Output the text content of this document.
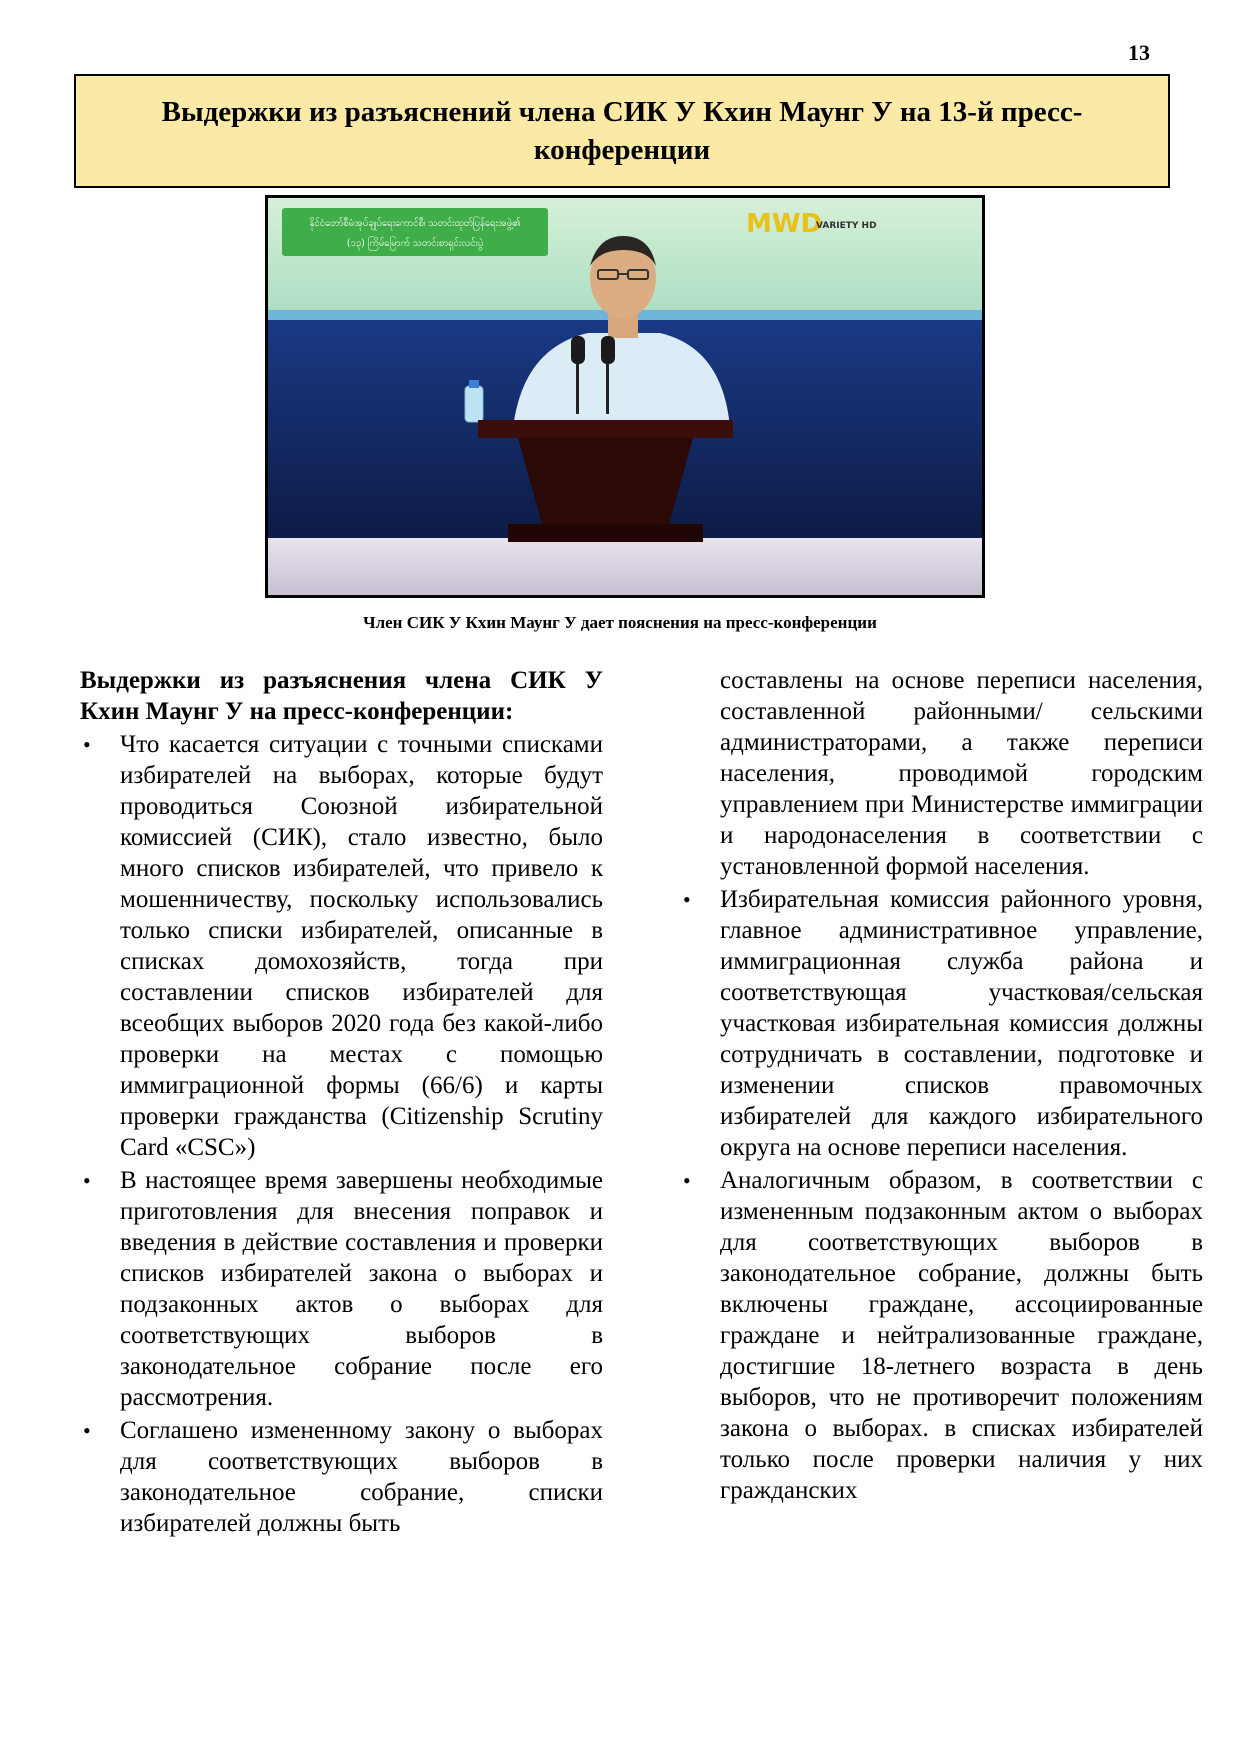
13
Выдержки из разъяснений члена СИК У Кхин Маунг У на 13-й пресс-конференции
နိုင်ငံတော်စီမံအုပ်ချုပ်ရေးကောင်စီ၊ သတင်းထုတ်ပြန်ရေးအဖွဲ့၏
(၁၃) ကြိမ်မြောက် သတင်းစာရှင်းလင်းပွဲ
MWD
VARIETY HD
Член СИК У Кхин Маунг У дает пояснения на пресс-конференции

Выдержки из разъяснения члена СИК У Кхин Маунг У на пресс-конференции:

• Что касается ситуации с точными списками избирателей на выборах, которые будут проводиться Союзной избирательной комиссией (СИК), стало известно, было много списков избирателей, что привело к мошенничеству, поскольку использовались только списки избирателей, описанные в списках домохозяйств, тогда при составлении списков избирателей для всеобщих выборов 2020 года без какой-либо проверки на местах с помощью иммиграционной формы (66/6) и карты проверки гражданства (Citizenship Scrutiny Card «CSC»)
• В настоящее время завершены необходимые приготовления для внесения поправок и введения в действие составления и проверки списков избирателей закона о выборах и подзаконных актов о выборах для соответствующих выборов в законодательное собрание после его рассмотрения.
• Соглашено измененному закону о выборах для соответствующих выборов в законодательное собрание, списки избирателей должны быть

составлены на основе переписи населения, составленной районными/ сельскими администраторами, а также переписи населения, проводимой городским управлением при Министерстве иммиграции и народонаселения в соответствии с установленной формой населения.

• Избирательная комиссия районного уровня, главное административное управление, иммиграционная служба района и соответствующая участковая/сельская участковая избирательная комиссия должны сотрудничать в составлении, подготовке и изменении списков правомочных избирателей для каждого избирательного округа на основе переписи населения.
• Аналогичным образом, в соответствии с измененным подзаконным актом о выборах для соответствующих выборов в законодательное собрание, должны быть включены граждане, ассоциированные граждане и нейтрализованные граждане, достигшие 18-летнего возраста в день выборов, что не противоречит положениям закона о выборах. в списках избирателей только после проверки наличия у них гражданских
